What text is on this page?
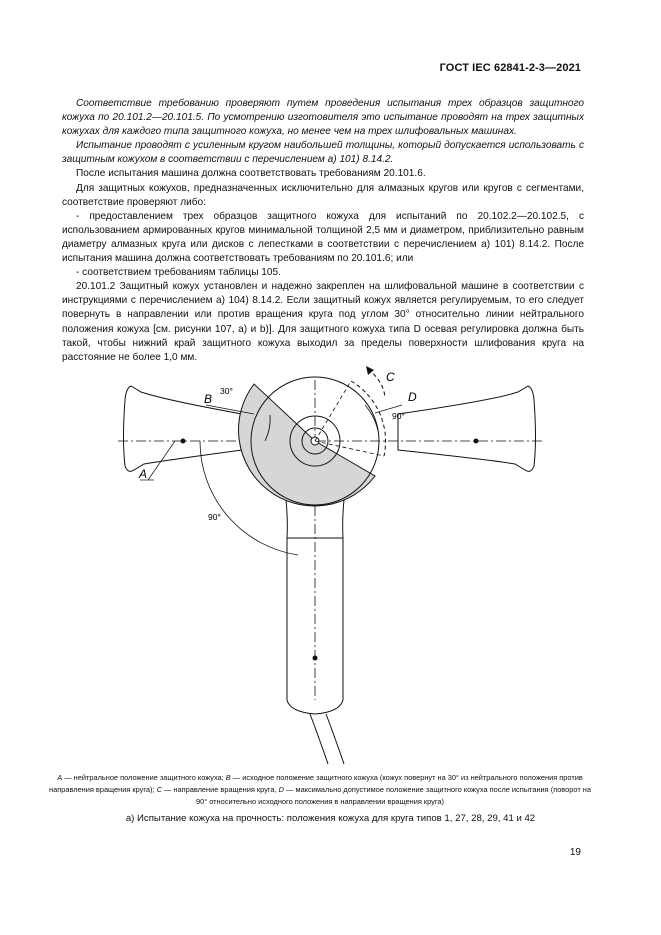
ГОСТ IEC 62841-2-3—2021

Соответствие требованию проверяют путем проведения испытания трех образцов защитного кожуха по 20.101.2—20.101.5. По усмотрению изготовителя это испытание проводят на трех защитных кожухах для каждого типа защитного кожуха, но менее чем на трех шлифовальных машинах.

Испытание проводят с усиленным кругом наибольшей толщины, который допускается использовать с защитным кожухом в соответствии с перечислением а) 101) 8.14.2.

После испытания машина должна соответствовать требованиям 20.101.6.

Для защитных кожухов, предназначенных исключительно для алмазных кругов или кругов с сегментами, соответствие проверяют либо:

- предоставлением трех образцов защитного кожуха для испытаний по 20.102.2—20.102.5, с использованием армированных кругов минимальной толщиной 2,5 мм и диаметром, приблизительно равным диаметру алмазных круга или дисков с лепестками в соответствии с перечислением а) 101) 8.14.2. После испытания машина должна соответствовать требованиям по 20.101.6; или

- соответствием требованиям таблицы 105.

20.101.2 Защитный кожух установлен и надежно закреплен на шлифовальной машине в соответствии с инструкциями с перечислением а) 104) 8.14.2. Если защитный кожух является регулируемым, то его следует повернуть в направлении или против вращения круга под углом 30° относительно линии нейтрального положения кожуха [см. рисунки 107, а) и b)]. Для защитного кожуха типа D осевая регулировка должна быть такой, чтобы нижний край защитного кожуха выходил за пределы поверхности шлифования круга на расстояние не более 1,0 мм.

B
C
D
A
30°
90°
90°
A — нейтральное положение защитного кожуха; B — исходное положение защитного кожуха (кожух повернут на 30° из нейтрального положения против направления вращения круга); C — направление вращения круга, D — максимально допустимое положение защитного кожуха после испытания (поворот на 90° относительно исходного положения в направлении вращения круга)
а) Испытание кожуха на прочность: положения кожуха для круга типов 1, 27, 28, 29, 41 и 42
19
